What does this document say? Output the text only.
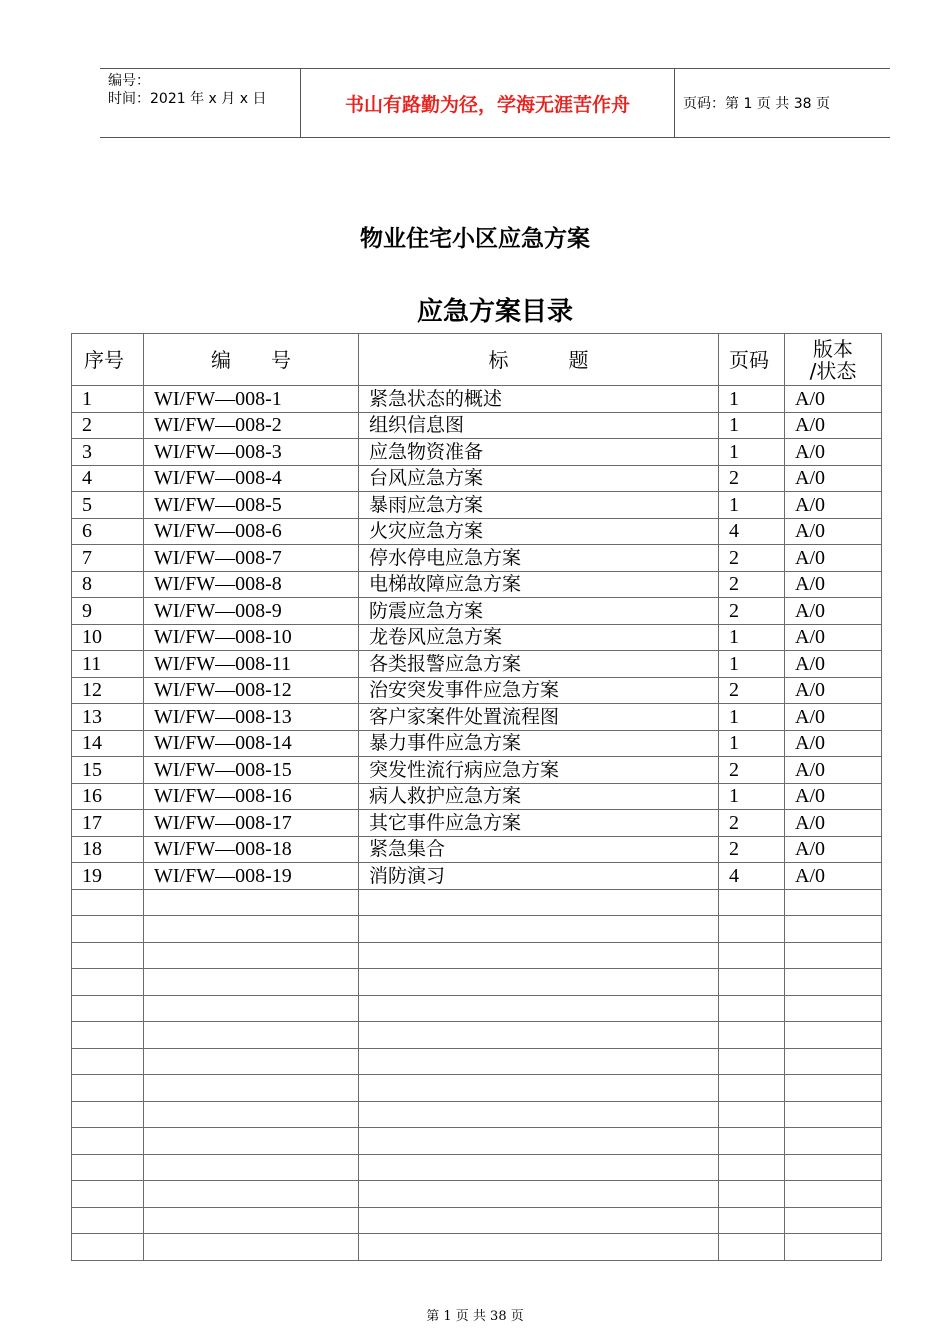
编号：
时间：2021 年 x 月 x 日	书山有路勤为径，学海无涯苦作舟	页码：第 1 页 共 38 页
物业住宅小区应急方案
应急方案目录
序号	编　　号	标　　　题	页码	版本
/状态
1	WI/FW—008-1	紧急状态的概述	1	A/0
2	WI/FW—008-2	组织信息图	1	A/0
3	WI/FW—008-3	应急物资准备	1	A/0
4	WI/FW—008-4	台风应急方案	2	A/0
5	WI/FW—008-5	暴雨应急方案	1	A/0
6	WI/FW—008-6	火灾应急方案	4	A/0
7	WI/FW—008-7	停水停电应急方案	2	A/0
8	WI/FW—008-8	电梯故障应急方案	2	A/0
9	WI/FW—008-9	防震应急方案	2	A/0
10	WI/FW—008-10	龙卷风应急方案	1	A/0
11	WI/FW—008-11	各类报警应急方案	1	A/0
12	WI/FW—008-12	治安突发事件应急方案	2	A/0
13	WI/FW—008-13	客户家案件处置流程图	1	A/0
14	WI/FW—008-14	暴力事件应急方案	1	A/0
15	WI/FW—008-15	突发性流行病应急方案	2	A/0
16	WI/FW—008-16	病人救护应急方案	1	A/0
17	WI/FW—008-17	其它事件应急方案	2	A/0
18	WI/FW—008-18	紧急集合	2	A/0
19	WI/FW—008-19	消防演习	4	A/0

第 1 页 共 38 页
